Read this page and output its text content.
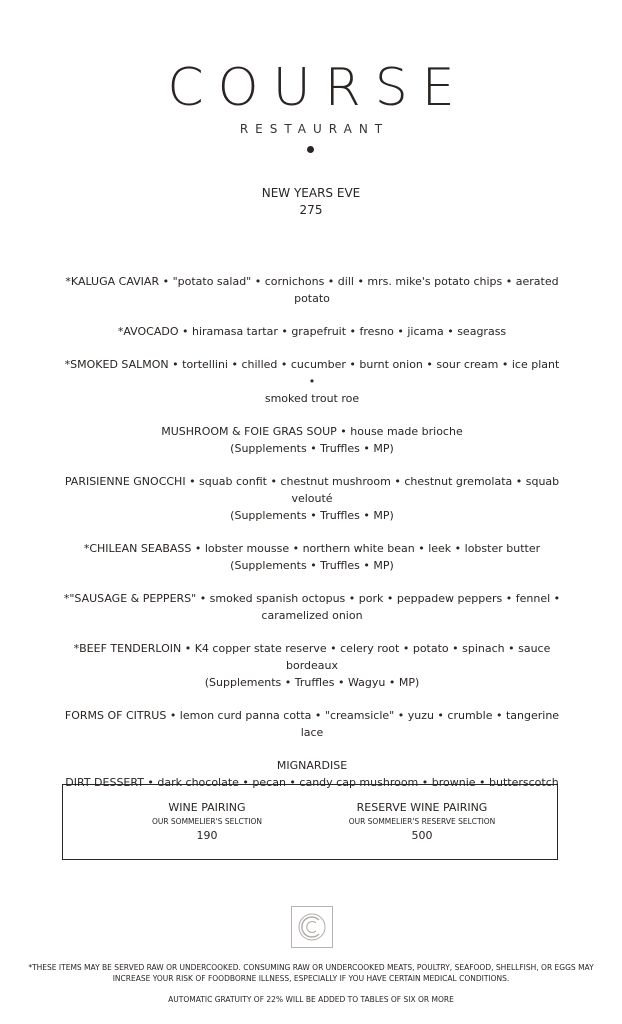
COURSE
RESTAURANT
NEW YEARS EVE
275
*KALUGA CAVIAR • "potato salad" • cornichons • dill • mrs. mike's potato chips • aerated potato
*AVOCADO • hiramasa tartar • grapefruit • fresno • jicama • seagrass
*SMOKED SALMON • tortellini • chilled • cucumber • burnt onion • sour cream • ice plant •
smoked trout roe
MUSHROOM & FOIE GRAS SOUP • house made brioche
(Supplements • Truffles • MP)
PARISIENNE GNOCCHI • squab confit • chestnut mushroom • chestnut gremolata • squab
velouté
(Supplements • Truffles • MP)
*CHILEAN SEABASS • lobster mousse • northern white bean • leek • lobster butter
(Supplements • Truffles • MP)
*"SAUSAGE & PEPPERS" • smoked spanish octopus • pork • peppadew peppers • fennel •
caramelized onion
*BEEF TENDERLOIN • K4 copper state reserve • celery root • potato • spinach • sauce bordeaux
(Supplements • Truffles • Wagyu • MP)
FORMS OF CITRUS • lemon curd panna cotta • "creamsicle" • yuzu • crumble • tangerine lace
MIGNARDISE
DIRT DESSERT • dark chocolate • pecan • candy cap mushroom • brownie • butterscotch
WINE PAIRING
OUR SOMMELIER'S SELCTION
190
RESERVE WINE PAIRING
OUR SOMMELIER'S RESERVE SELCTION
500
*THESE ITEMS MAY BE SERVED RAW OR UNDERCOOKED. CONSUMING RAW OR UNDERCOOKED MEATS, POULTRY, SEAFOOD, SHELLFISH, OR EGGS MAY INCREASE YOUR RISK OF FOODBORNE ILLNESS, ESPECIALLY IF YOU HAVE CERTAIN MEDICAL CONDITIONS.
AUTOMATIC GRATUITY OF 22% WILL BE ADDED TO TABLES OF SIX OR MORE
